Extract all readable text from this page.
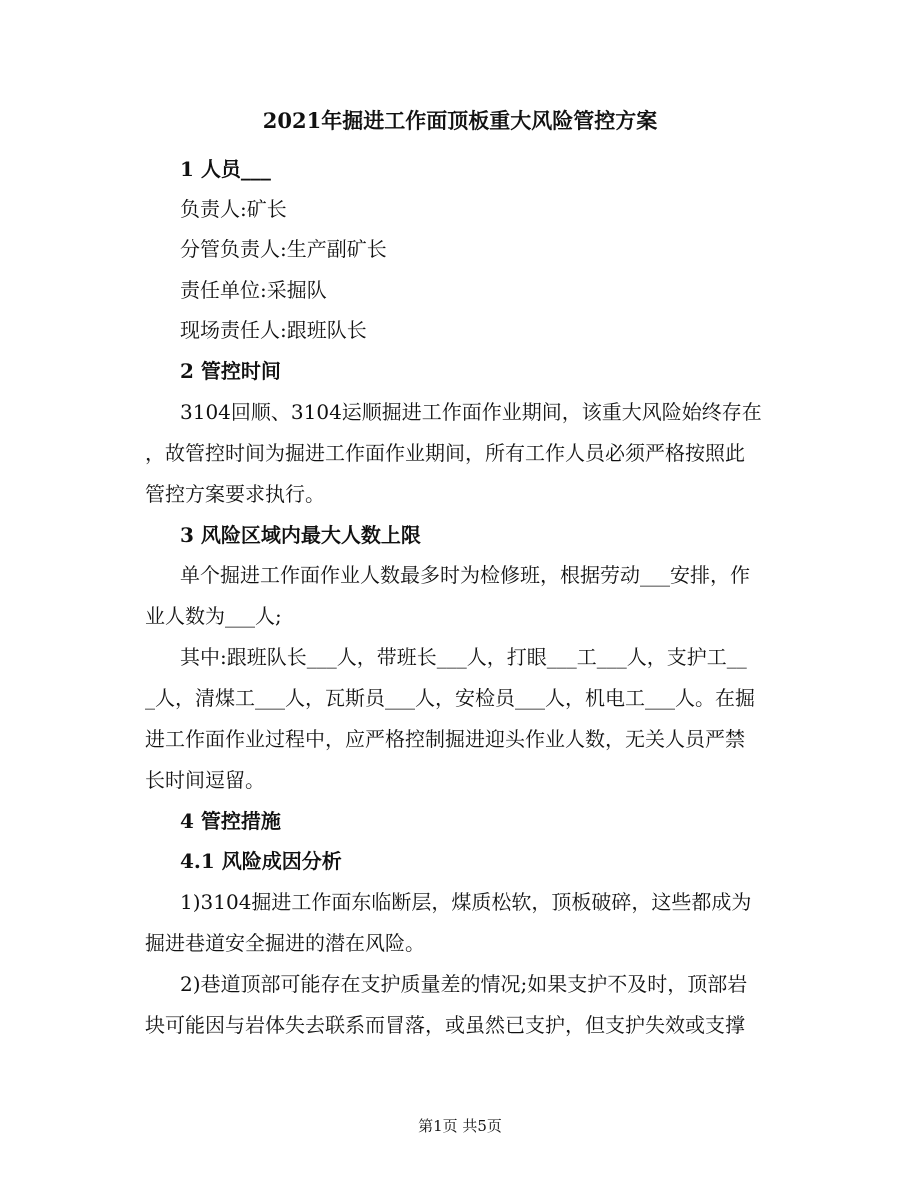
2021年掘进工作面顶板重大风险管控方案
1 人员___
负责人:矿长
分管负责人:生产副矿长
责任单位:采掘队
现场责任人:跟班队长
2 管控时间
3104回顺、3104运顺掘进工作面作业期间，该重大风险始终存在
，故管控时间为掘进工作面作业期间，所有工作人员必须严格按照此
管控方案要求执行。
3 风险区域内最大人数上限
单个掘进工作面作业人数最多时为检修班，根据劳动___安排，作
业人数为___人;
其中:跟班队长___人，带班长___人，打眼___工___人，支护工__
_人，清煤工___人，瓦斯员___人，安检员___人，机电工___人。在掘
进工作面作业过程中，应严格控制掘进迎头作业人数，无关人员严禁
长时间逗留。
4 管控措施
4.1 风险成因分析
1)3104掘进工作面东临断层，煤质松软，顶板破碎，这些都成为
掘进巷道安全掘进的潜在风险。
2)巷道顶部可能存在支护质量差的情况;如果支护不及时，顶部岩
块可能因与岩体失去联系而冒落，或虽然已支护，但支护失效或支撑
第1页 共5页
